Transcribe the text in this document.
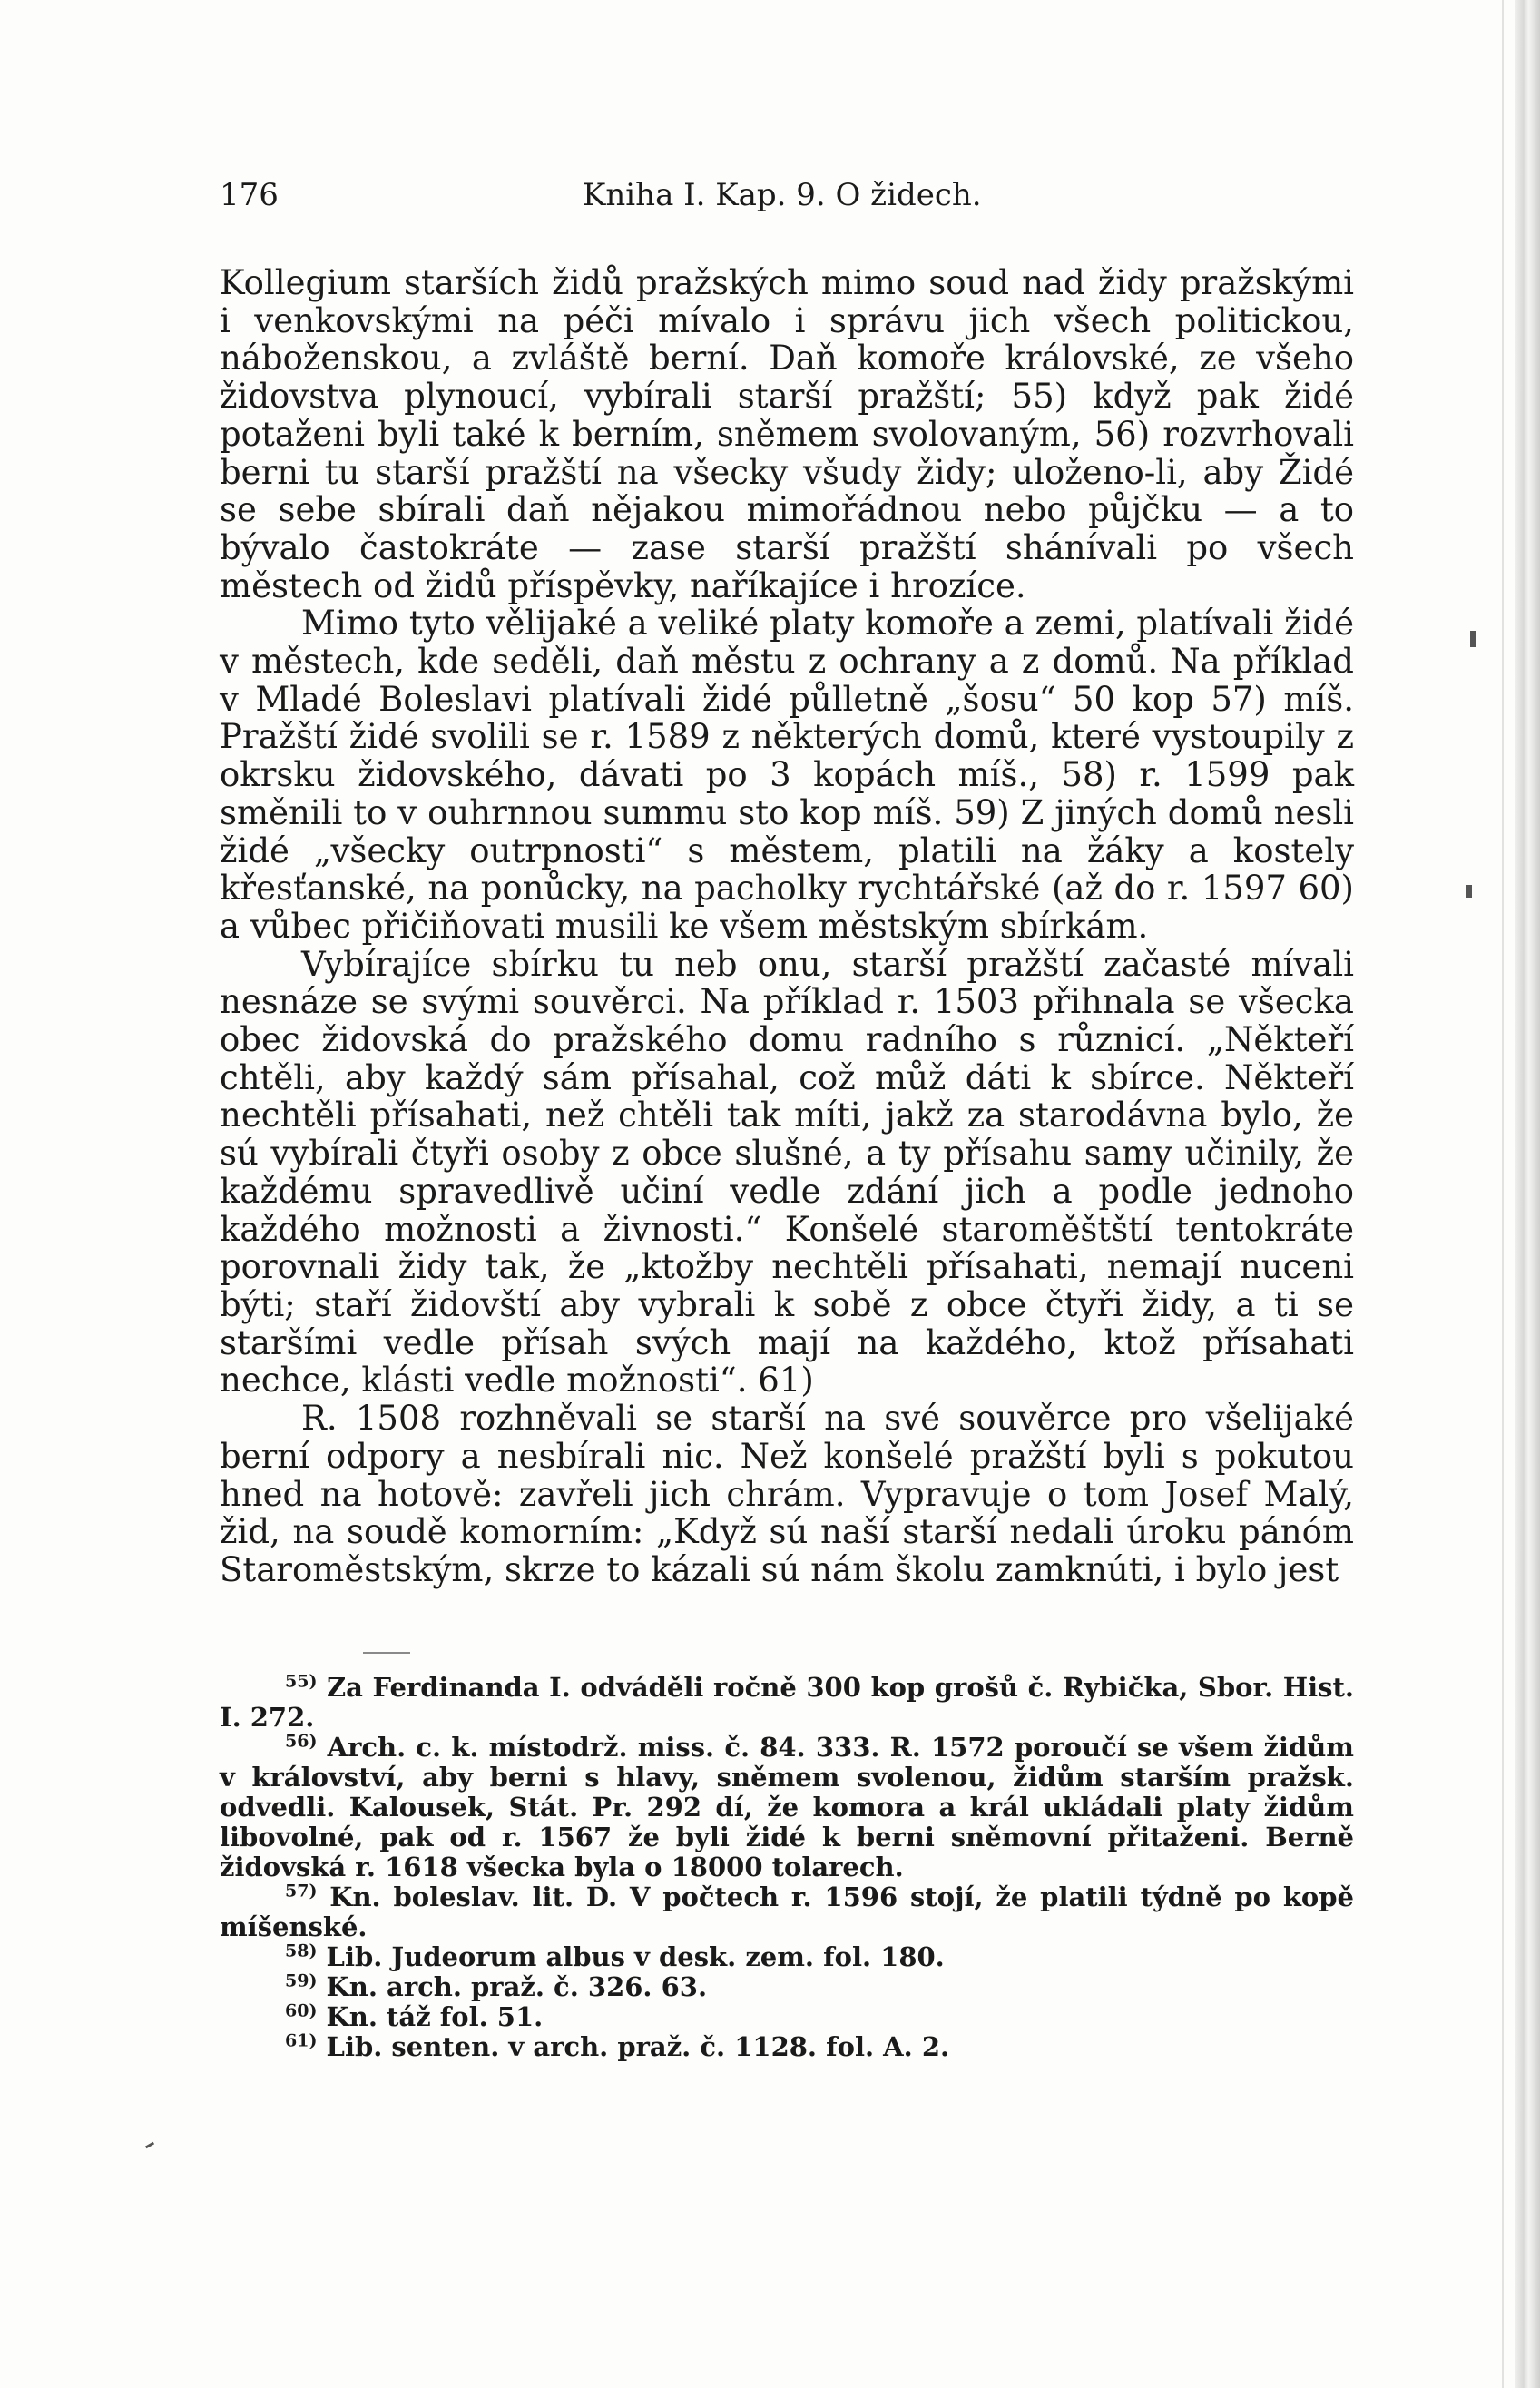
176	Kniha I. Kap. 9. O židech.

Kollegium starších židů pražských mimo soud nad židy pražskými i venkovskými na péči mívalo i správu jich všech politickou, náboženskou, a zvláště berní. Daň komoře královské, ze všeho židovstva plynoucí, vybírali starší pražští; 55) když pak židé potaženi byli také k berním, sněmem svolovaným, 56) rozvrhovali berni tu starší pražští na všecky všudy židy; uloženo-li, aby Židé se sebe sbírali daň nějakou mimořádnou nebo půjčku — a to bývalo častokráte — zase starší pražští shánívali po všech městech od židů příspěvky, naříkajíce i hrozíce.

Mimo tyto vělijaké a veliké platy komoře a zemi, platívali židé v městech, kde seděli, daň městu z ochrany a z domů. Na příklad v Mladé Boleslavi platívali židé půlletně „šosu“ 50 kop 57) míš. Pražští židé svolili se r. 1589 z některých domů, které vystoupily z okrsku židovského, dávati po 3 kopách míš., 58) r. 1599 pak směnili to v ouhrnnou summu sto kop míš. 59) Z jiných domů nesli židé „všecky outrpnosti“ s městem, platili na žáky a kostely křesťanské, na ponůcky, na pacholky rychtářské (až do r. 1597 60) a vůbec přičiňovati musili ke všem městským sbírkám.

Vybírajíce sbírku tu neb onu, starší pražští začasté mívali nesnáze se svými souvěrci. Na příklad r. 1503 přihnala se všecka obec židovská do pražského domu radního s různicí. „Někteří chtěli, aby každý sám přísahal, což můž dáti k sbírce. Někteří nechtěli přísahati, než chtěli tak míti, jakž za starodávna bylo, že sú vybírali čtyři osoby z obce slušné, a ty přísahu samy učinily, že každému spravedlivě učiní vedle zdání jich a podle jednoho každého možnosti a živnosti.“ Konšelé staroměštští tentokráte porovnali židy tak, že „ktožby nechtěli přísahati, nemají nuceni býti; staří židovští aby vybrali k sobě z obce čtyři židy, a ti se staršími vedle přísah svých mají na každého, ktož přísahati nechce, klásti vedle možnosti“. 61)

R. 1508 rozhněvali se starší na své souvěrce pro všelijaké berní odpory a nesbírali nic. Než konšelé pražští byli s pokutou hned na hotově: zavřeli jich chrám. Vypravuje o tom Josef Malý, žid, na soudě komorním: „Když sú naší starší nedali úroku pánóm Staroměstským, skrze to kázali sú nám školu zamknúti, i bylo jest

$^{55)}$ Za Ferdinanda I. odváděli ročně 300 kop grošů č. Rybička, Sbor. Hist. I. 272.

$^{56)}$ Arch. c. k. místodrž. miss. č. 84. 333. R. 1572 poroučí se všem židům v království, aby berni s hlavy, sněmem svolenou, židům starším pražsk. odvedli. Kalousek, Stát. Pr. 292 dí, že komora a král ukládali platy židům libovolné, pak od r. 1567 že byli židé k berni sněmovní přitaženi. Berně židovská r. 1618 všecka byla o 18000 tolarech.

$^{57)}$ Kn. boleslav. lit. D. V počtech r. 1596 stojí, že platili týdně po kopě míšenské.

$^{58)}$ Lib. Judeorum albus v desk. zem. fol. 180.

$^{59)}$ Kn. arch. praž. č. 326. 63.

$^{60)}$ Kn. táž fol. 51.

$^{61)}$ Lib. senten. v arch. praž. č. 1128. fol. A. 2.
